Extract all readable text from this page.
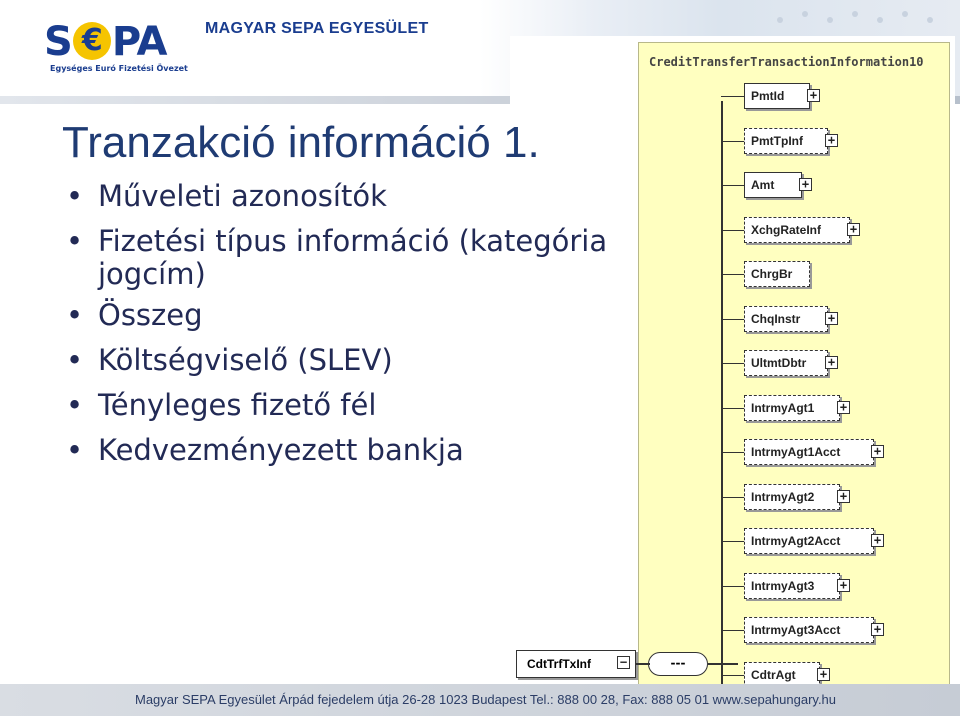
S € PA
Egységes Euró Fizetési Övezet
MAGYAR SEPA EGYESÜLET
CreditTransferTransactionInformation10
PmtId +
PmtTpInf +
Amt +
XchgRateInf +
ChrgBr
ChqInstr +
UltmtDbtr +
IntrmyAgt1 +
IntrmyAgt1Acct	+
IntrmyAgt2 +
IntrmyAgt2Acct	+
IntrmyAgt3 +
IntrmyAgt3Acct	+
CdtrAgt +
CdtTrfTxInf −	---
Tranzakció információ 1.
• Műveleti azonosítók
• Fizetési típus információ (kategória
jogcím)
• Összeg
• Költségviselő (SLEV)
• Tényleges fizető fél
• Kedvezményezett bankja
Magyar SEPA Egyesület Árpád fejedelem útja 26-28 1023 Budapest Tel.: 888 00 28, Fax: 888 05 01 www.sepahungary.hu
